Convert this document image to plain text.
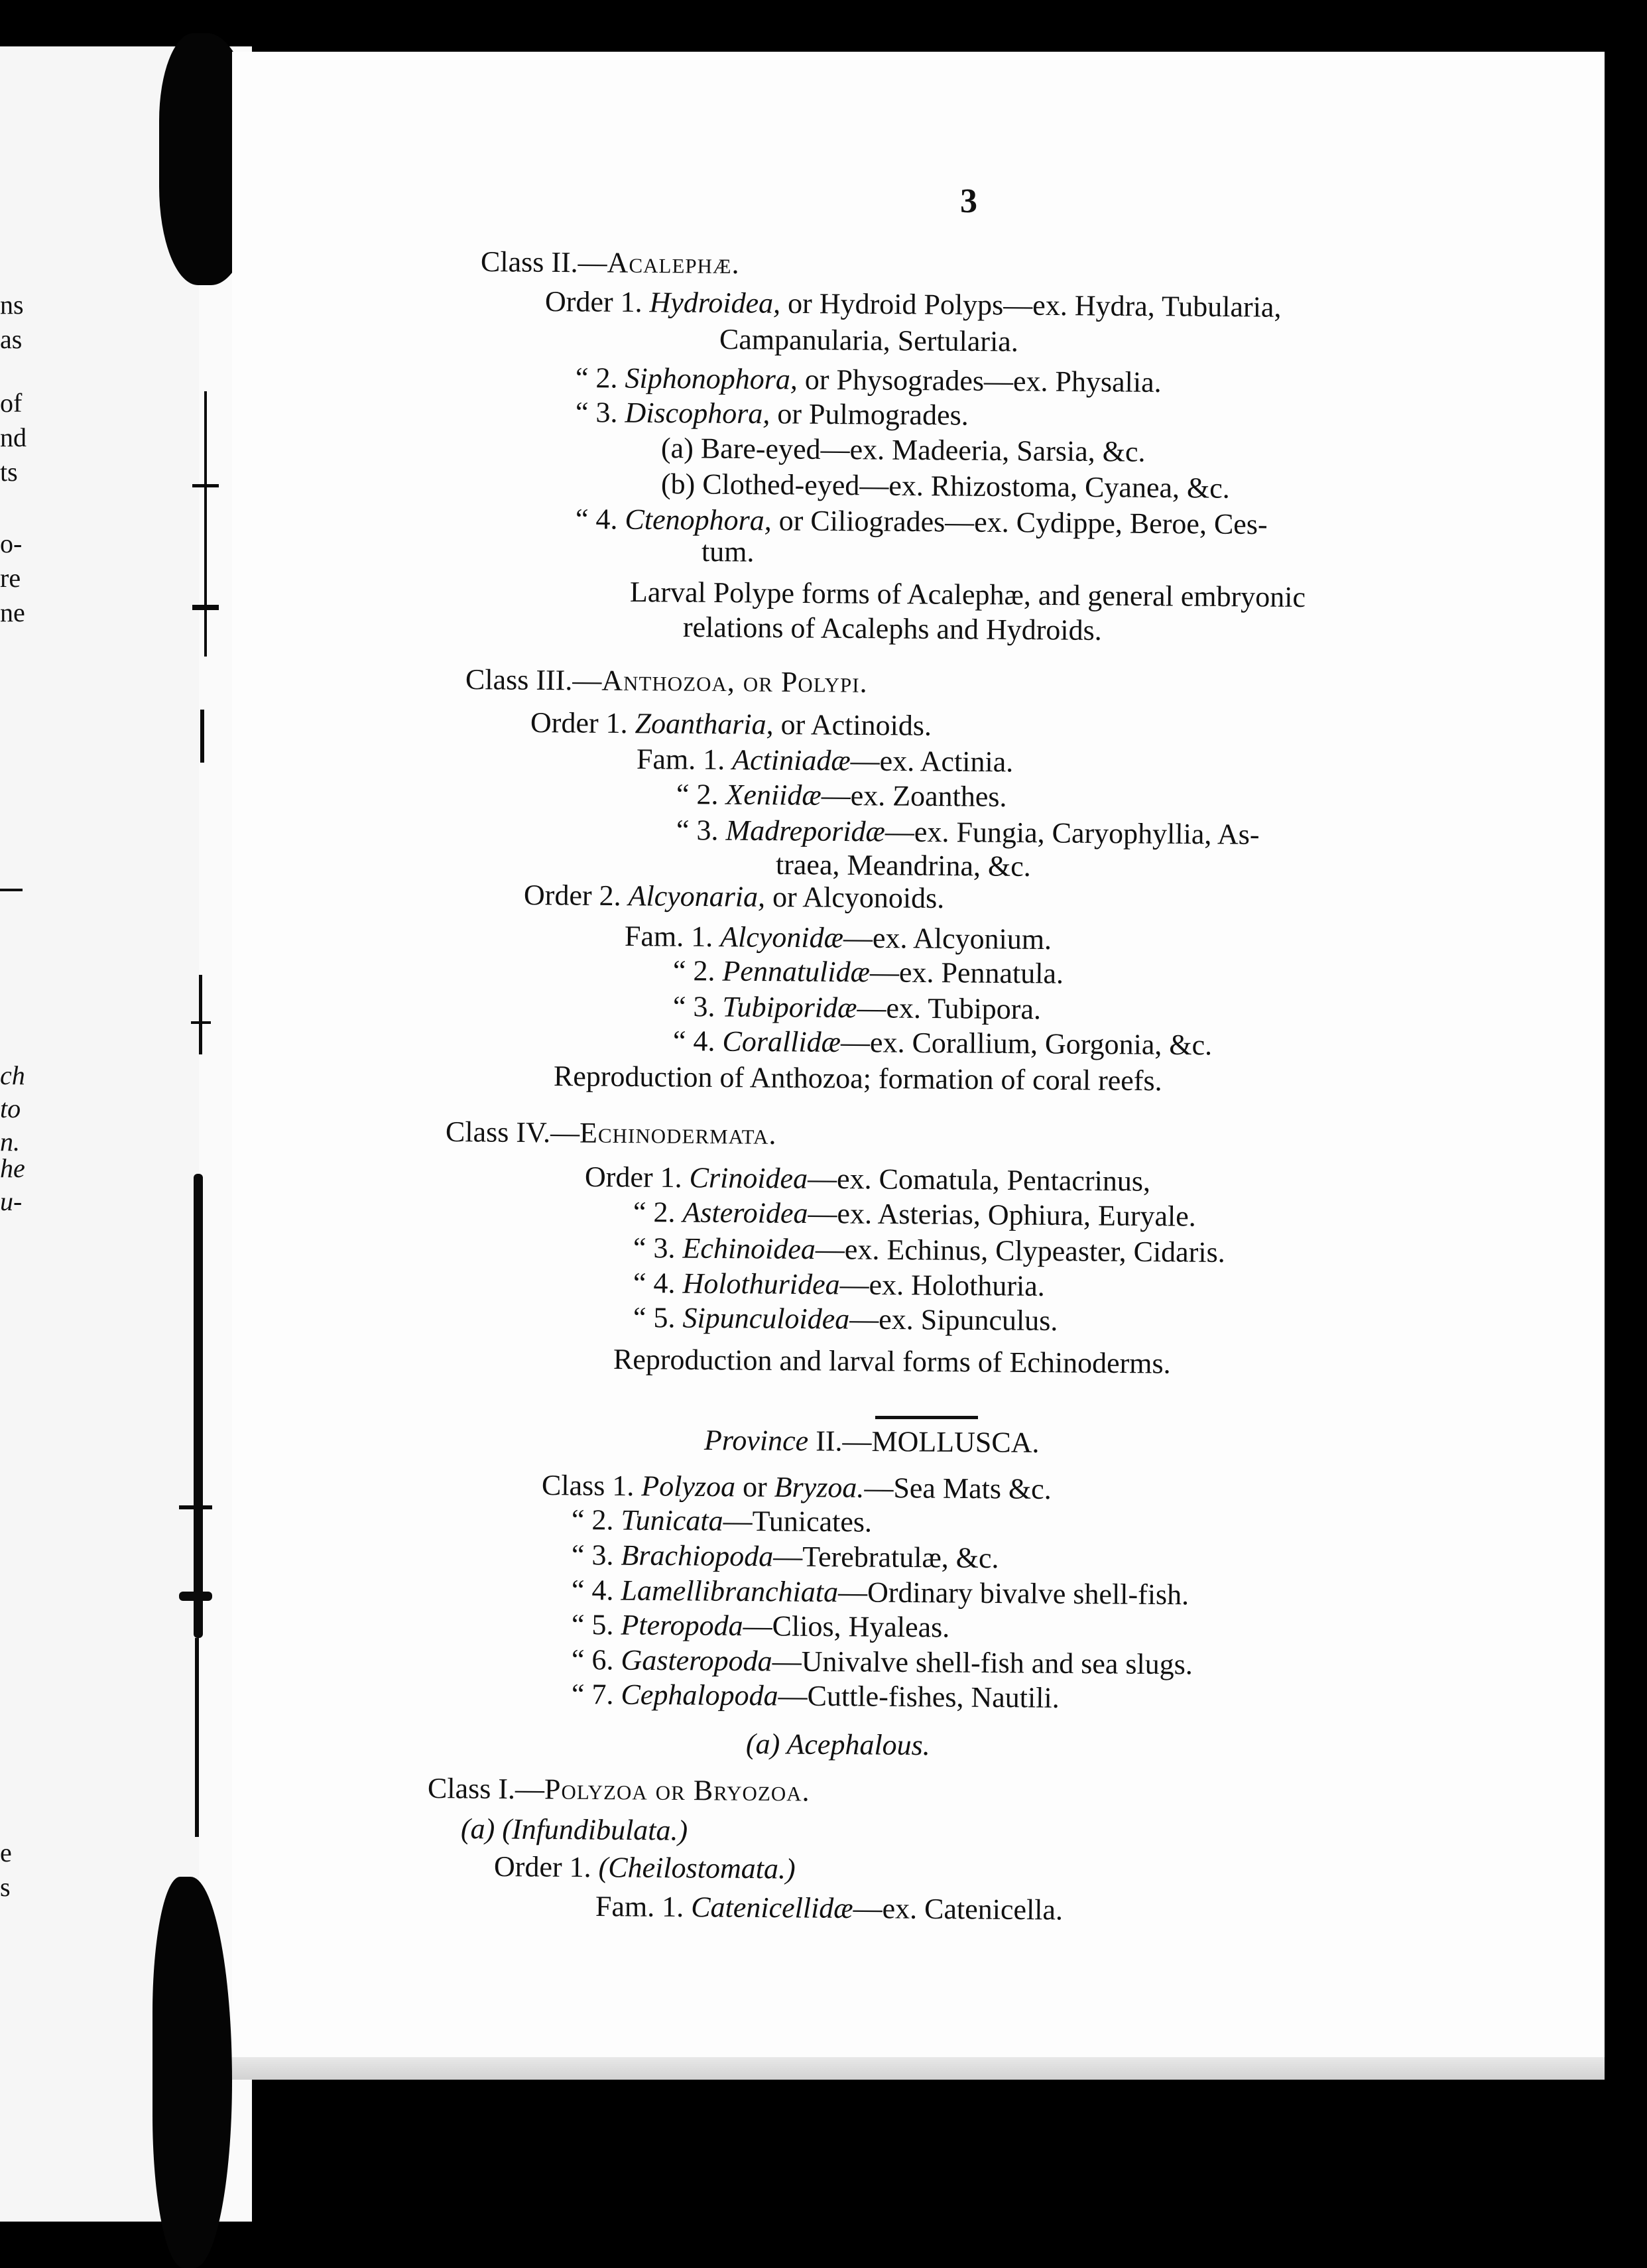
ns
as
of
nd
ts
o-
re
ne
ch
to
n.
he
u-
e
s
3
Class II.—Acalephæ.
Order 1. Hydroidea, or Hydroid Polyps—ex. Hydra, Tubularia,
Campanularia, Sertularia.
“ 2. Siphonophora, or Physogrades—ex. Physalia.
“ 3. Discophora, or Pulmogrades.
(a) Bare-eyed—ex. Madeeria, Sarsia, &c.
(b) Clothed-eyed—ex. Rhizostoma, Cyanea, &c.
“ 4. Ctenophora, or Ciliogrades—ex. Cydippe, Beroe, Ces-
tum.
Larval Polype forms of Acalephæ, and general embryonic
relations of Acalephs and Hydroids.
Class III.—Anthozoa, or Polypi.
Order 1. Zoantharia, or Actinoids.
Fam. 1. Actiniadæ—ex. Actinia.
“ 2. Xeniidæ—ex. Zoanthes.
“ 3. Madreporidæ—ex. Fungia, Caryophyllia, As-
traea, Meandrina, &c.
Order 2. Alcyonaria, or Alcyonoids.
Fam. 1. Alcyonidæ—ex. Alcyonium.
“ 2. Pennatulidæ—ex. Pennatula.
“ 3. Tubiporidæ—ex. Tubipora.
“ 4. Corallidæ—ex. Corallium, Gorgonia, &c.
Reproduction of Anthozoa; formation of coral reefs.
Class IV.—Echinodermata.
Order 1. Crinoidea—ex. Comatula, Pentacrinus,
“ 2. Asteroidea—ex. Asterias, Ophiura, Euryale.
“ 3. Echinoidea—ex. Echinus, Clypeaster, Cidaris.
“ 4. Holothuridea—ex. Holothuria.
“ 5. Sipunculoidea—ex. Sipunculus.
Reproduction and larval forms of Echinoderms.
Province II.—MOLLUSCA.
Class 1. Polyzoa or Bryzoa.—Sea Mats &c.
“ 2. Tunicata—Tunicates.
“ 3. Brachiopoda—Terebratulæ, &c.
“ 4. Lamellibranchiata—Ordinary bivalve shell-fish.
“ 5. Pteropoda—Clios, Hyaleas.
“ 6. Gasteropoda—Univalve shell-fish and sea slugs.
“ 7. Cephalopoda—Cuttle-fishes, Nautili.
(a) Acephalous.
Class I.—Polyzoa or Bryozoa.
(a) (Infundibulata.)
Order 1. (Cheilostomata.)
Fam. 1. Catenicellidæ—ex. Catenicella.
